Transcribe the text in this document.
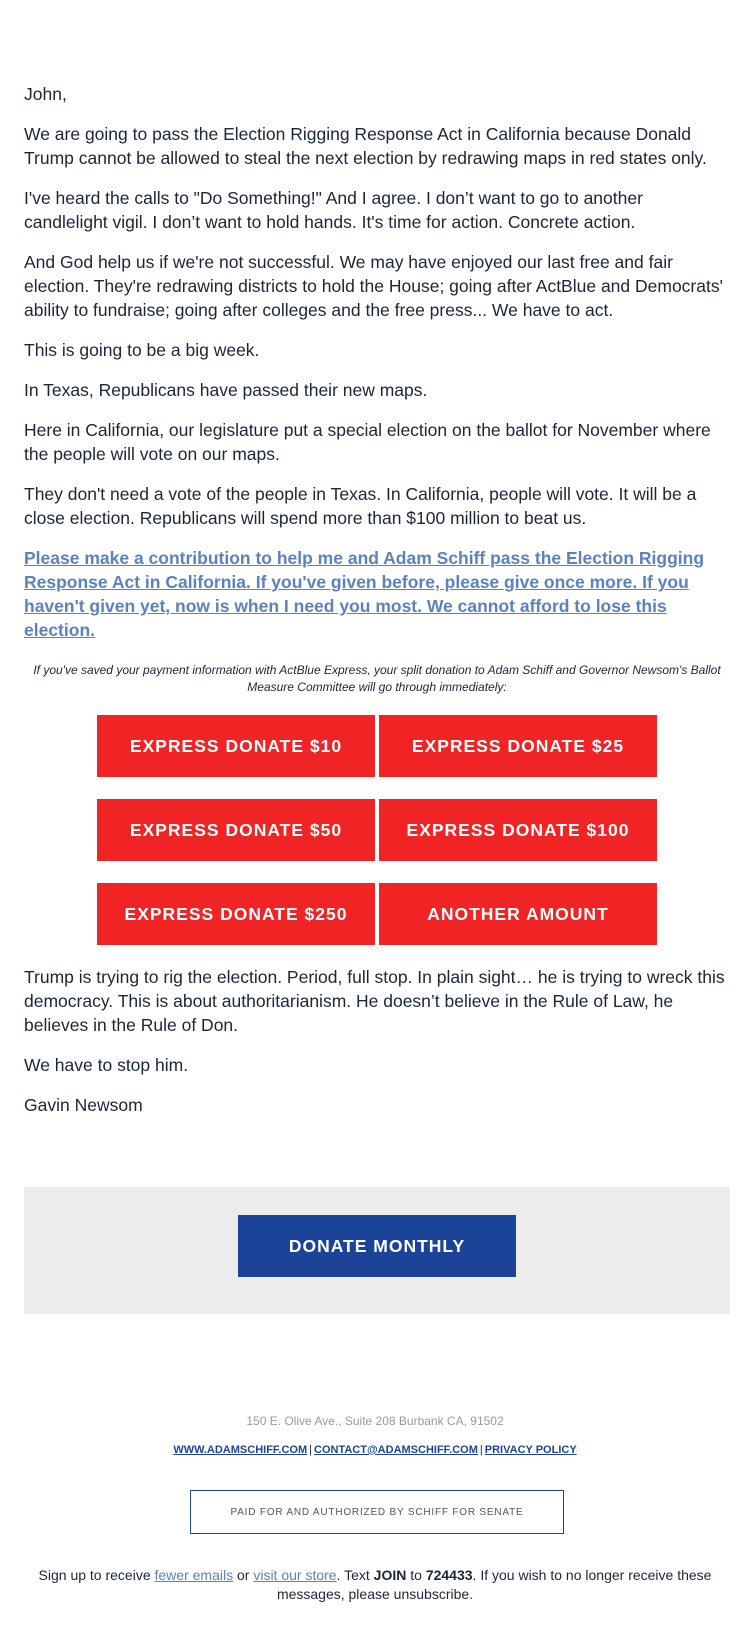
John,

We are going to pass the Election Rigging Response Act in California because Donald Trump cannot be allowed to steal the next election by redrawing maps in red states only.

I've heard the calls to "Do Something!" And I agree. I don’t want to go to another candlelight vigil. I don’t want to hold hands. It's time for action. Concrete action.

And God help us if we're not successful. We may have enjoyed our last free and fair election. They're redrawing districts to hold the House; going after ActBlue and Democrats' ability to fundraise; going after colleges and the free press... We have to act.

This is going to be a big week.

In Texas, Republicans have passed their new maps.

Here in California, our legislature put a special election on the ballot for November where the people will vote on our maps.

They don't need a vote of the people in Texas. In California, people will vote. It will be a close election. Republicans will spend more than $100 million to beat us.

Please make a contribution to help me and Adam Schiff pass the Election Rigging Response Act in California. If you've given before, please give once more. If you haven't given yet, now is when I need you most. We cannot afford to lose this election.

If you've saved your payment information with ActBlue Express, your split donation to Adam Schiff and Governor Newsom's Ballot Measure Committee will go through immediately:

EXPRESS DONATE $10	EXPRESS DONATE $25
EXPRESS DONATE $50	EXPRESS DONATE $100
EXPRESS DONATE $250	ANOTHER AMOUNT

Trump is trying to rig the election. Period, full stop. In plain sight… he is trying to wreck this democracy. This is about authoritarianism. He doesn’t believe in the Rule of Law, he believes in the Rule of Don.

We have to stop him.

Gavin Newsom

DONATE MONTHLY
150 E. Olive Ave., Suite 208 Burbank CA, 91502
WWW.ADAMSCHIFF.COM | CONTACT@ADAMSCHIFF.COM | PRIVACY POLICY
PAID FOR AND AUTHORIZED BY SCHIFF FOR SENATE
Sign up to receive fewer emails or visit our store. Text JOIN to 724433. If you wish to no longer receive these messages, please unsubscribe.
